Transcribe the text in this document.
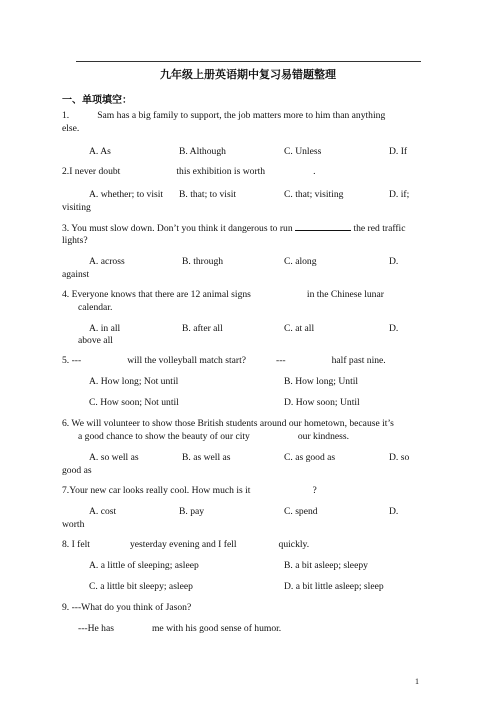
九年级上册英语期中复习易错题整理
一、单项填空：
1.	Sam has a big family to support, the job matters more to him than anything
else.
A. As	B. Although	C. Unless	D. If
2.I never doubt	this exhibition is worth	.
A. whether; to visit B. that; to visit	C. that; visiting	D. if;
visiting
3. You must slow down. Don’t you think it dangerous to run	the red traffic
lights?
A. across	B. through	C. along	D.
against
4. Everyone knows that there are 12 animal signs	in the Chinese lunar
calendar.
A. in all	B. after all	C. at all	D.
above all
5. ---	will the volleyball match start?	---	half past nine.
A. How long; Not until	B. How long; Until
C. How soon; Not until	D. How soon; Until
6. We will volunteer to show those British students around our hometown, because it’s
a good chance to show the beauty of our city	our kindness.
A. so well as	B. as well as	C. as good as	D. so
good as
7.Your new car looks really cool. How much is it	?
A. cost	B. pay	C. spend	D.
worth
8. I felt	yesterday evening and I fell	quickly.
A. a little of sleeping; asleep	B. a bit asleep; sleepy
C. a little bit sleepy; asleep	D. a bit little asleep; sleep
9. ---What do you think of Jason?
---He has	me with his good sense of humor.
1
